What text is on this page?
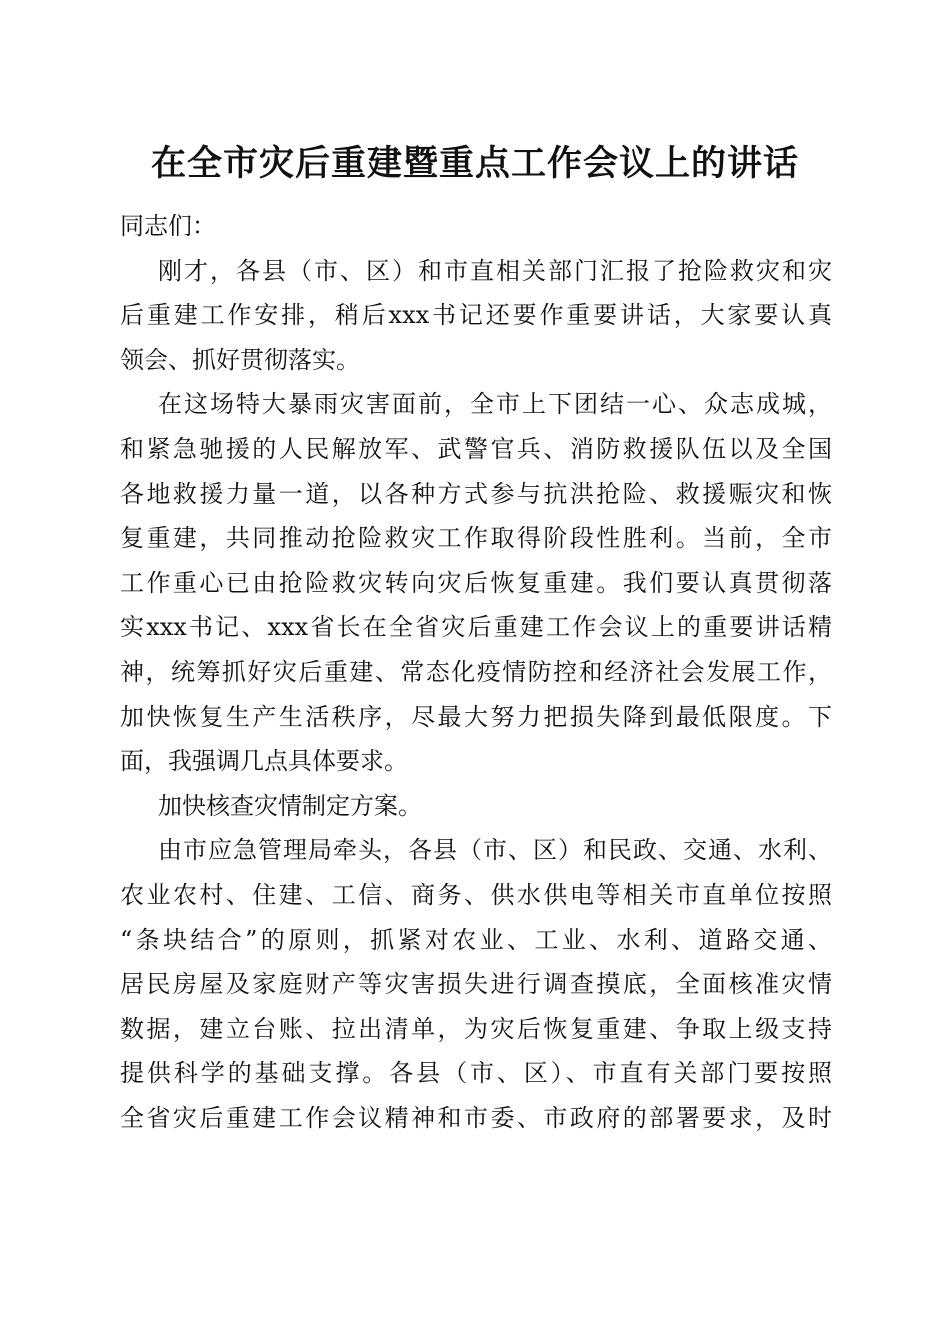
在全市灾后重建暨重点工作会议上的讲话
同志们：
刚才，各县（市、区）和市直相关部门汇报了抢险救灾和灾
后重建工作安排，稍后xxx书记还要作重要讲话，大家要认真
领会、抓好贯彻落实。
在这场特大暴雨灾害面前，全市上下团结一心、众志成城，
和紧急驰援的人民解放军、武警官兵、消防救援队伍以及全国
各地救援力量一道，以各种方式参与抗洪抢险、救援赈灾和恢
复重建，共同推动抢险救灾工作取得阶段性胜利。当前，全市
工作重心已由抢险救灾转向灾后恢复重建。我们要认真贯彻落
实xxx书记、xxx省长在全省灾后重建工作会议上的重要讲话精
神，统筹抓好灾后重建、常态化疫情防控和经济社会发展工作，
加快恢复生产生活秩序，尽最大努力把损失降到最低限度。下
面，我强调几点具体要求。
加快核查灾情制定方案。
由市应急管理局牵头，各县（市、区）和民政、交通、水利、
农业农村、住建、工信、商务、供水供电等相关市直单位按照
“条块结合”的原则，抓紧对农业、工业、水利、道路交通、
居民房屋及家庭财产等灾害损失进行调查摸底，全面核准灾情
数据，建立台账、拉出清单，为灾后恢复重建、争取上级支持
提供科学的基础支撑。各县（市、区）、市直有关部门要按照
全省灾后重建工作会议精神和市委、市政府的部署要求，及时
